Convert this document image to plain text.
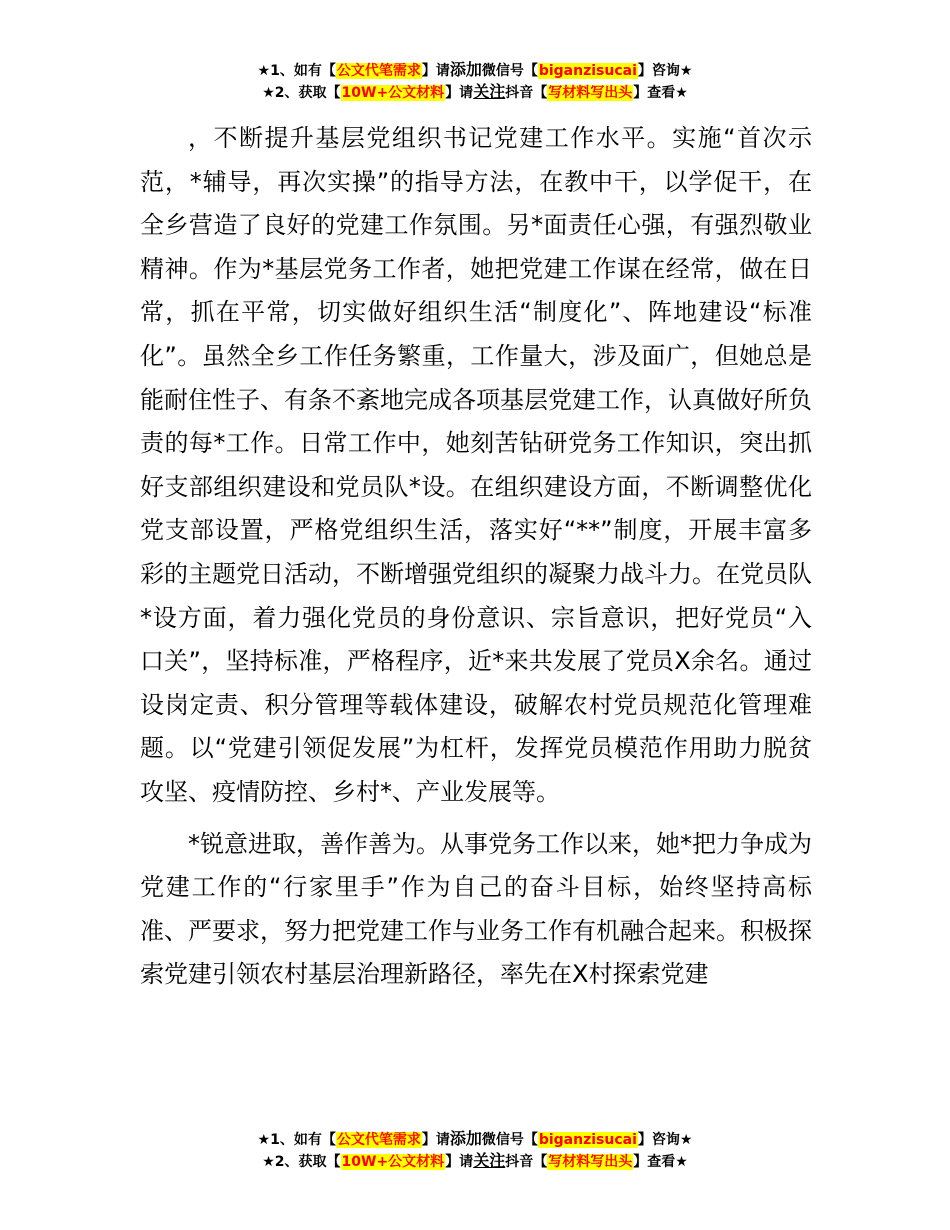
★1、如有【公文代笔需求】请添加微信号【biganzisucai】咨询★
★2、获取【10W+公文材料】请关注抖音【写材料写出头】查看★

，不断提升基层党组织书记党建工作水平。实施“首次示范，*辅导，再次实操”的指导方法，在教中干，以学促干，在全乡营造了良好的党建工作氛围。另*面责任心强，有强烈敬业精神。作为*基层党务工作者，她把党建工作谋在经常，做在日常，抓在平常，切实做好组织生活“制度化”、阵地建设“标准化”。虽然全乡工作任务繁重，工作量大，涉及面广，但她总是能耐住性子、有条不紊地完成各项基层党建工作，认真做好所负责的每*工作。日常工作中，她刻苦钻研党务工作知识，突出抓好支部组织建设和党员队*设。在组织建设方面，不断调整优化党支部设置，严格党组织生活，落实好“**”制度，开展丰富多彩的主题党日活动，不断增强党组织的凝聚力战斗力。在党员队*设方面，着力强化党员的身份意识、宗旨意识，把好党员“入口关”，坚持标准，严格程序，近*来共发展了党员X余名。通过设岗定责、积分管理等载体建设，破解农村党员规范化管理难题。以“党建引领促发展”为杠杆，发挥党员模范作用助力脱贫攻坚、疫情防控、乡村*、产业发展等。

*锐意进取，善作善为。从事党务工作以来，她*把力争成为党建工作的“行家里手”作为自己的奋斗目标，始终坚持高标准、严要求，努力把党建工作与业务工作有机融合起来。积极探索党建引领农村基层治理新路径，率先在X村探索党建

★1、如有【公文代笔需求】请添加微信号【biganzisucai】咨询★
★2、获取【10W+公文材料】请关注抖音【写材料写出头】查看★
